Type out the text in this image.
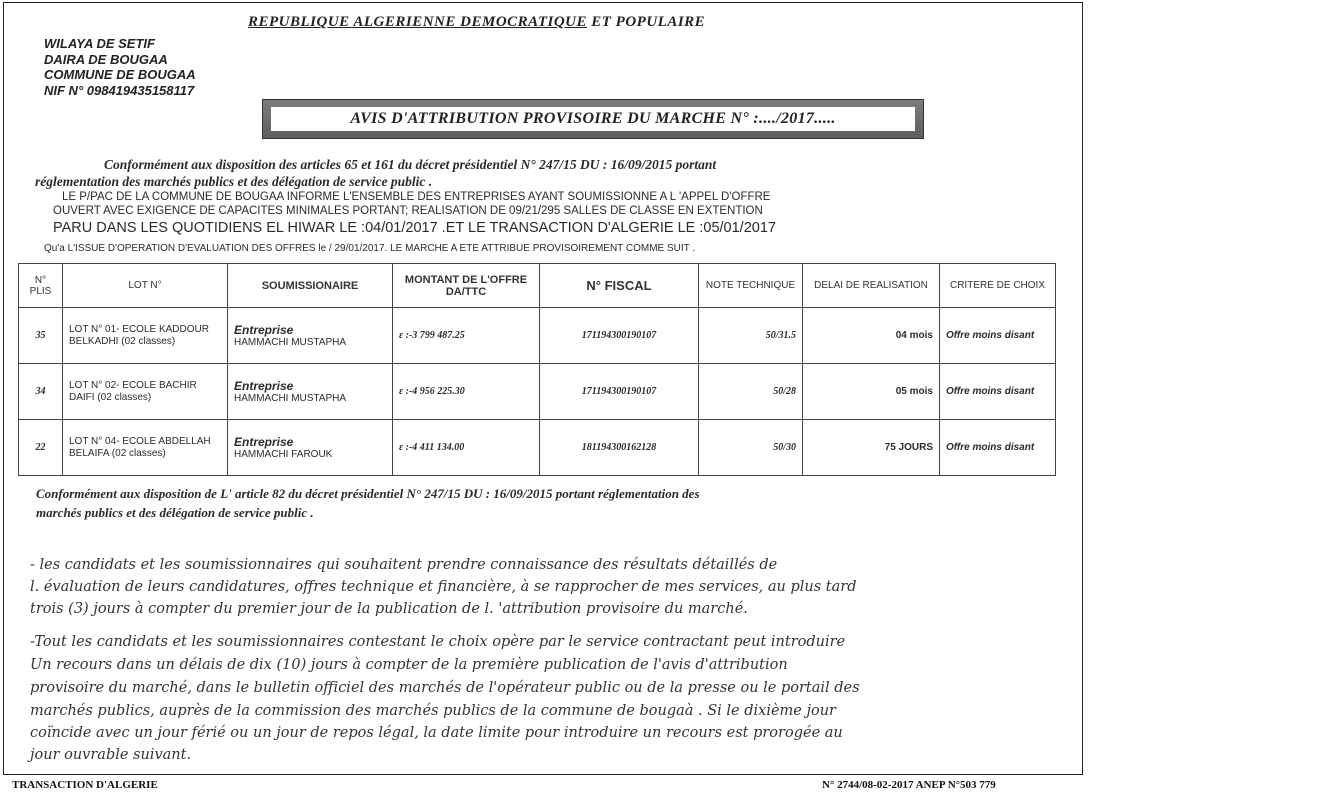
REPUBLIQUE ALGERIENNE DEMOCRATIQUE ET POPULAIRE
WILAYA DE SETIF
DAIRA DE BOUGAA
COMMUNE DE BOUGAA
NIF N° 098419435158117
AVIS D'ATTRIBUTION PROVISOIRE DU MARCHE N° :..../2017.....
Conformément aux disposition des articles 65 et 161 du décret présidentiel N° 247/15 DU : 16/09/2015 portant
réglementation des marchés publics et des délégation de service public .
LE P/PAC DE LA COMMUNE DE BOUGAA INFORME L'ENSEMBLE DES ENTREPRISES AYANT SOUMISSIONNE A L 'APPEL D'OFFRE
OUVERT AVEC EXIGENCE DE CAPACITES MINIMALES PORTANT; REALISATION DE 09/21/295 SALLES DE CLASSE EN EXTENTION
PARU DANS LES QUOTIDIENS EL HIWAR LE :04/01/2017 .ET LE TRANSACTION D'ALGERIE LE :05/01/2017
Qu'a L'ISSUE D'OPERATION D'EVALUATION DES OFFRES le / 29/01/2017. LE MARCHE A ETE ATTRIBUE PROVISOIREMENT COMME SUIT .
N° PLIS	LOT N°	SOUMISSIONAIRE	MONTANT DE L'OFFRE DA/TTC	N° FISCAL	NOTE TECHNIQUE	DELAI DE REALISATION	CRITERE DE CHOIX
35	LOT N° 01- ECOLE KADDOUR BELKADHI (02 classes)	Entreprise
HAMMACHI MUSTAPHA	ε :-3 799 487.25	171194300190107	50/31.5	04 mois	Offre moins disant
34	LOT N° 02- ECOLE BACHIR DAIFI (02 classes)	Entreprise
HAMMACHI MUSTAPHA	ε :-4 956 225.30	171194300190107	50/28	05 mois	Offre moins disant
22	LOT N° 04- ECOLE ABDELLAH BELAIFA (02 classes)	Entreprise
HAMMACHI FAROUK	ε :-4 411 134.00	181194300162128	50/30	75 JOURS	Offre moins disant
Conformément aux disposition de L' article 82 du décret présidentiel N° 247/15 DU : 16/09/2015 portant réglementation des
marchés publics et des délégation de service public .
- les candidats et les soumissionnaires qui souhaitent prendre connaissance des résultats détaillés de
l. évaluation de leurs candidatures, offres technique et financière, à se rapprocher de mes services, au plus tard
trois (3) jours à compter du premier jour de la publication de l. 'attribution provisoire du marché.
-Tout les candidats et les soumissionnaires contestant le choix opère par le service contractant peut introduire
Un recours dans un délais de dix (10) jours à compter de la première publication de l'avis d'attribution
provisoire du marché, dans le bulletin officiel des marchés de l'opérateur public ou de la presse ou le portail des
marchés publics, auprès de la commission des marchés publics de la commune de bougaà . Si le dixième jour
coïncide avec un jour férié ou un jour de repos légal, la date limite pour introduire un recours est prorogée au
jour ouvrable suivant.
TRANSACTION D'ALGERIE	N° 2744/08-02-2017 ANEP N°503 779
